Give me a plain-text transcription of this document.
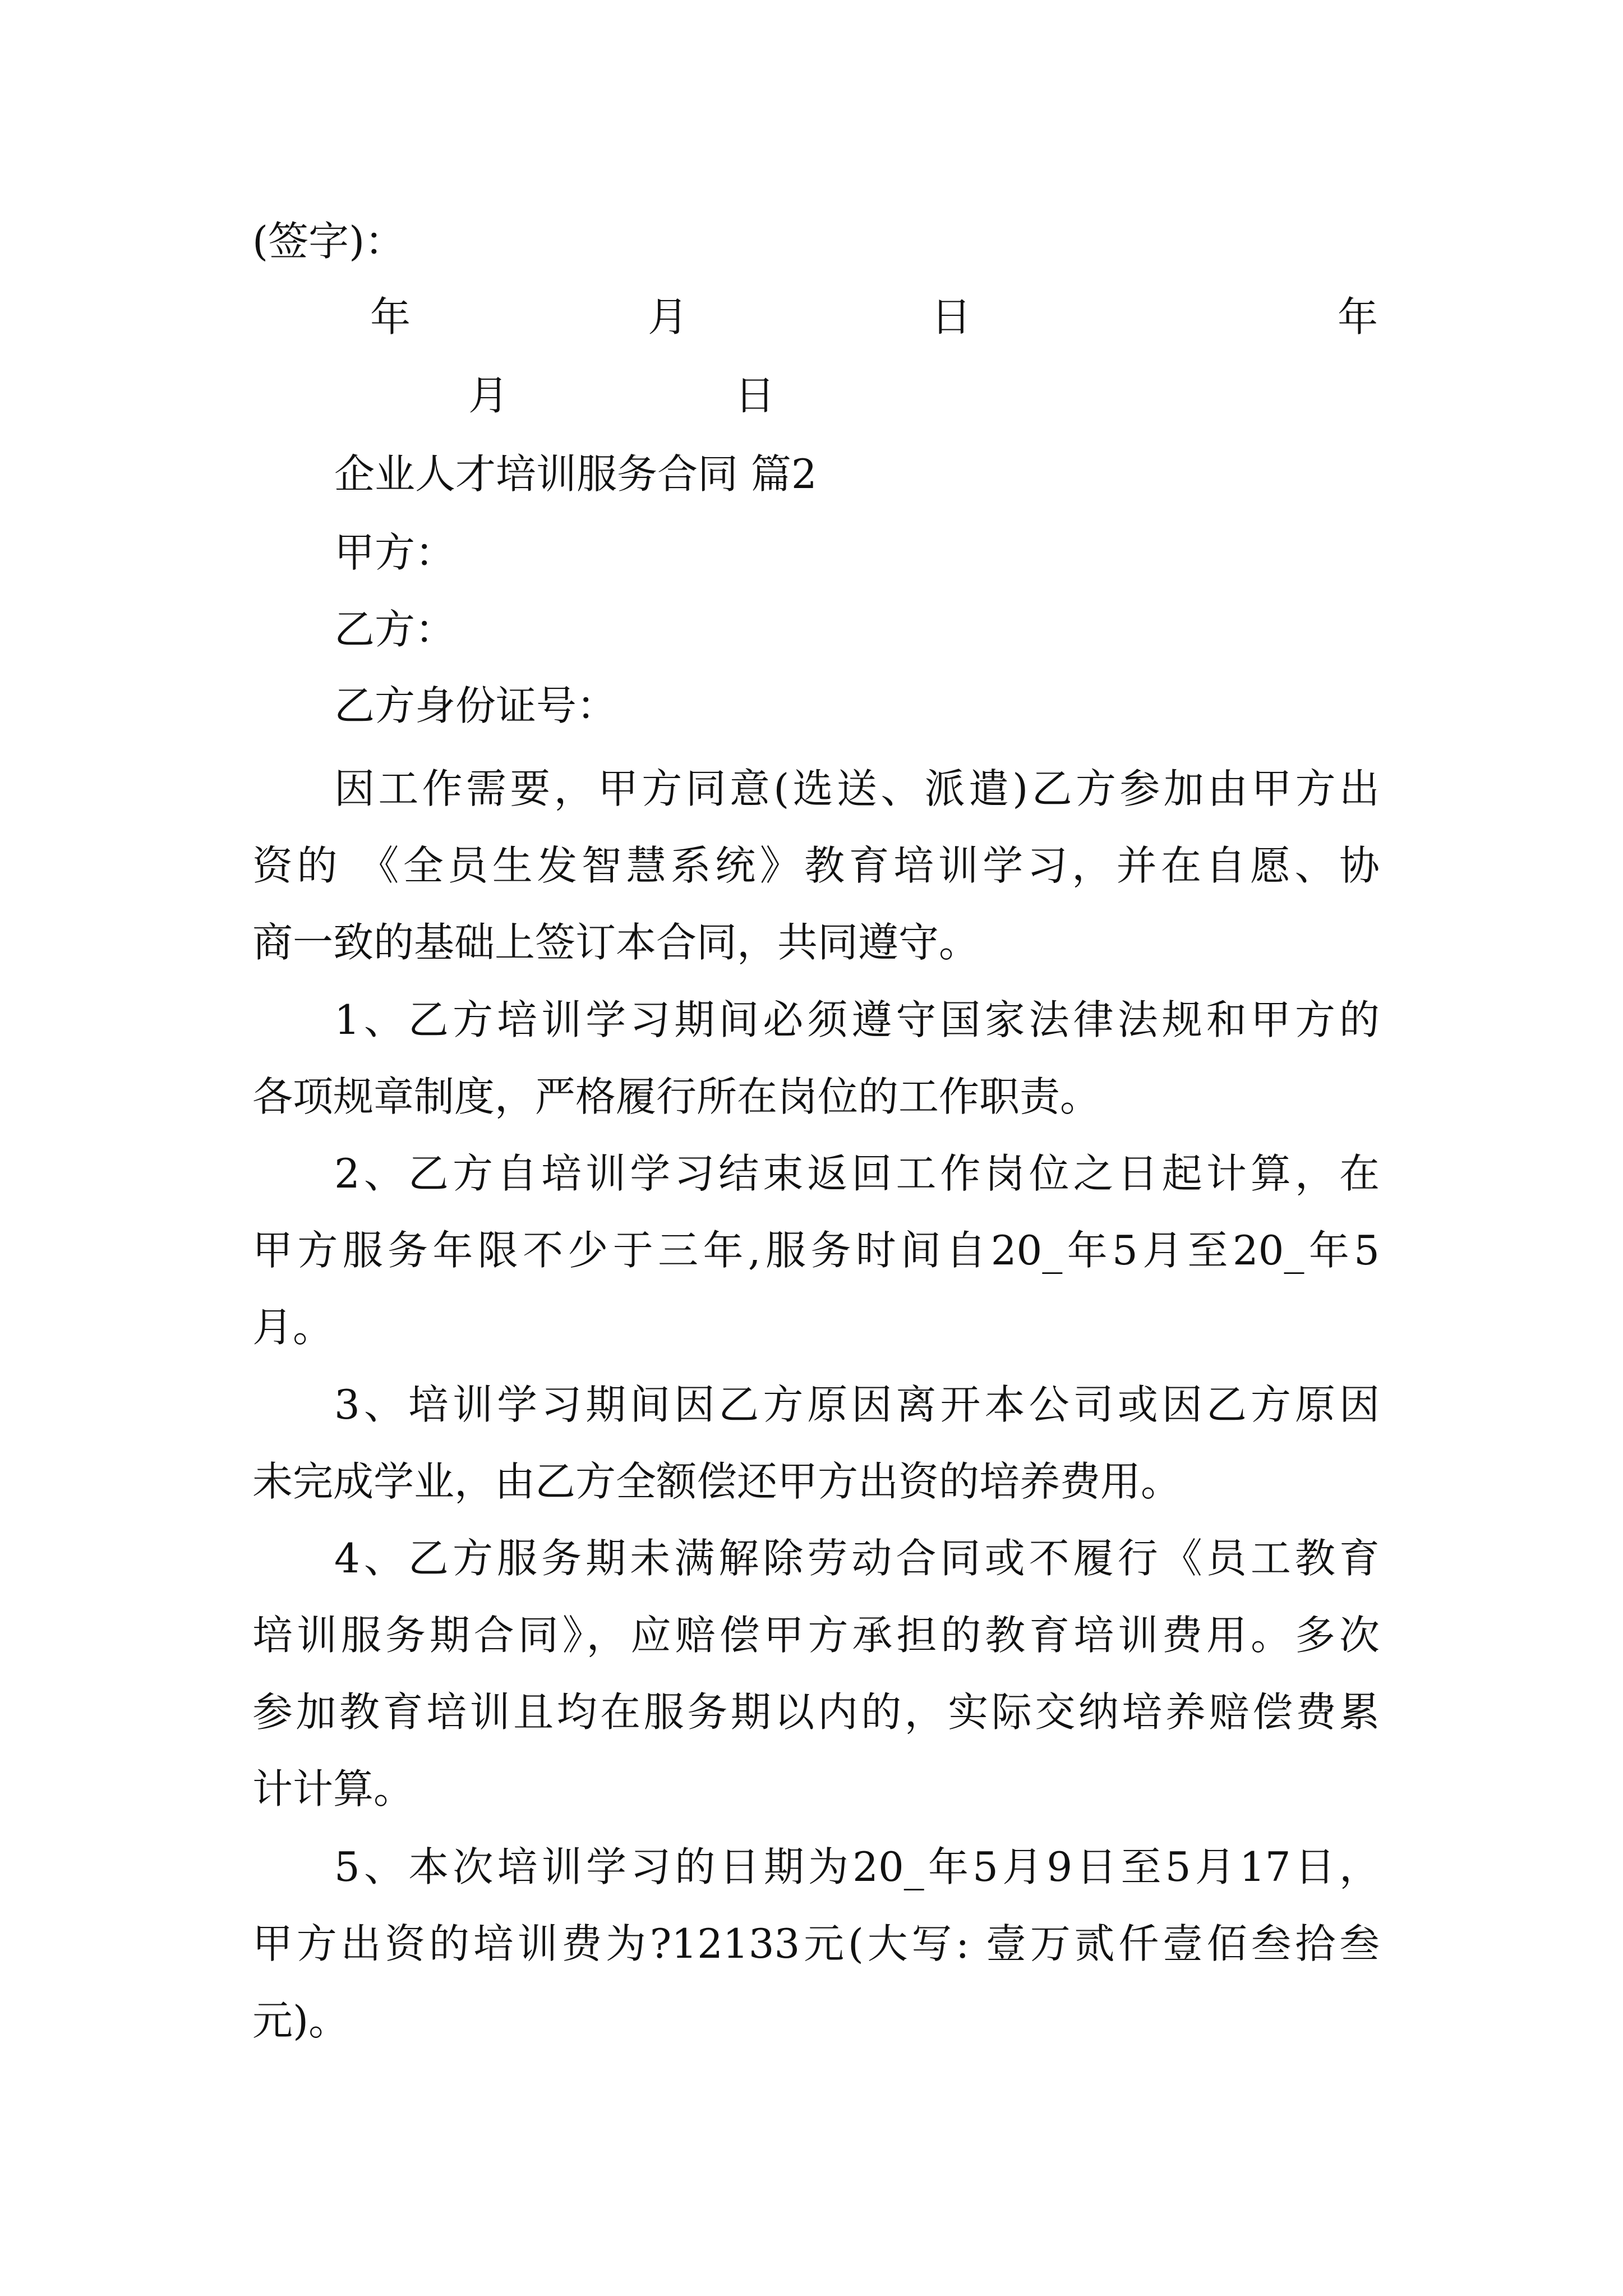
(签字)：
年	月	日	年
月	日
企业人才培训服务合同 篇2
甲方：
乙方：
乙方身份证号：
因工作需要，甲方同意(选送、派遣)乙方参加由甲方出
资的 《全员生发智慧系统》教育培训学习，并在自愿、协
商一致的基础上签订本合同，共同遵守。
1、乙方培训学习期间必须遵守国家法律法规和甲方的
各项规章制度，严格履行所在岗位的工作职责。
2、乙方自培训学习结束返回工作岗位之日起计算，在
甲方服务年限不少于三年,服务时间自20_年5月至20_年5
月。
3、培训学习期间因乙方原因离开本公司或因乙方原因
未完成学业，由乙方全额偿还甲方出资的培养费用。
4、乙方服务期未满解除劳动合同或不履行《员工教育
培训服务期合同》，应赔偿甲方承担的教育培训费用。多次
参加教育培训且均在服务期以内的，实际交纳培养赔偿费累
计计算。
5、本次培训学习的日期为20_年5月9日至5月17日，
甲方出资的培训费为?12133元(大写: 壹万贰仟壹佰叁拾叁
元)。
